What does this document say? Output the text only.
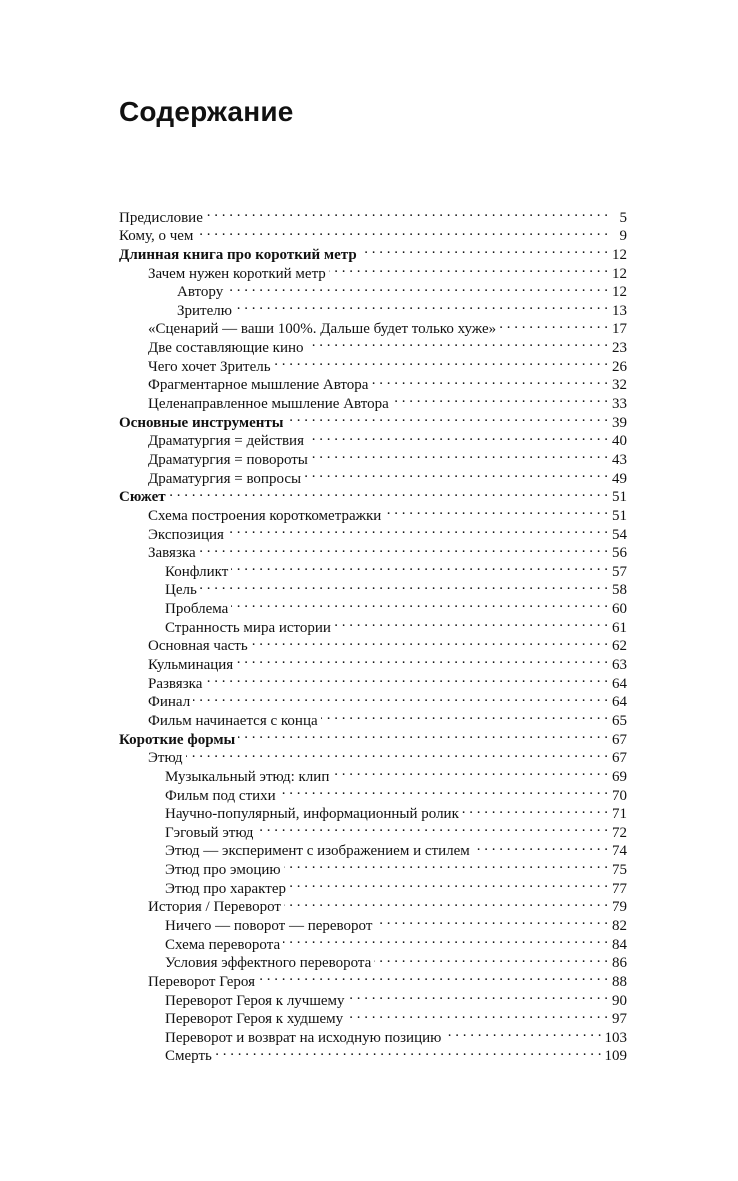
Содержание
Предисловие . . .	5
Кому, о чем . . .	9
Длинная книга про короткий метр . . .	12
Зачем нужен короткий метр . . .	12
Автору . . .	12
Зрителю . . .	13
«Сценарий — ваши 100%. Дальше будет только хуже» . . .	17
Две составляющие кино . . .	23
Чего хочет Зритель . . .	26
Фрагментарное мышление Автора . . .	32
Целенаправленное мышление Автора . . .	33
Основные инструменты . . .	39
Драматургия = действия . . .	40
Драматургия = повороты . . .	43
Драматургия = вопросы . . .	49
Сюжет . . .	51
Схема построения короткометражки . . .	51
Экспозиция . . .	54
Завязка . . .	56
Конфликт . . .	57
Цель . . .	58
Проблема . . .	60
Странность мира истории . . .	61
Основная часть . . .	62
Кульминация . . .	63
Развязка . . .	64
Финал . . .	64
Фильм начинается с конца . . .	65
Короткие формы . . .	67
Этюд . . .	67
Музыкальный этюд: клип . . .	69
Фильм под стихи . . .	70
Научно-популярный, информационный ролик . . .	71
Гэговый этюд . . .	72
Этюд — эксперимент с изображением и стилем . . .	74
Этюд про эмоцию . . .	75
Этюд про характер . . .	77
История / Переворот . . .	79
Ничего — поворот — переворот . . .	82
Схема переворота . . .	84
Условия эффектного переворота . . .	86
Переворот Героя . . .	88
Переворот Героя к лучшему . . .	90
Переворот Героя к худшему . . .	97
Переворот и возврат на исходную позицию . . .	103
Смерть . . .	109
